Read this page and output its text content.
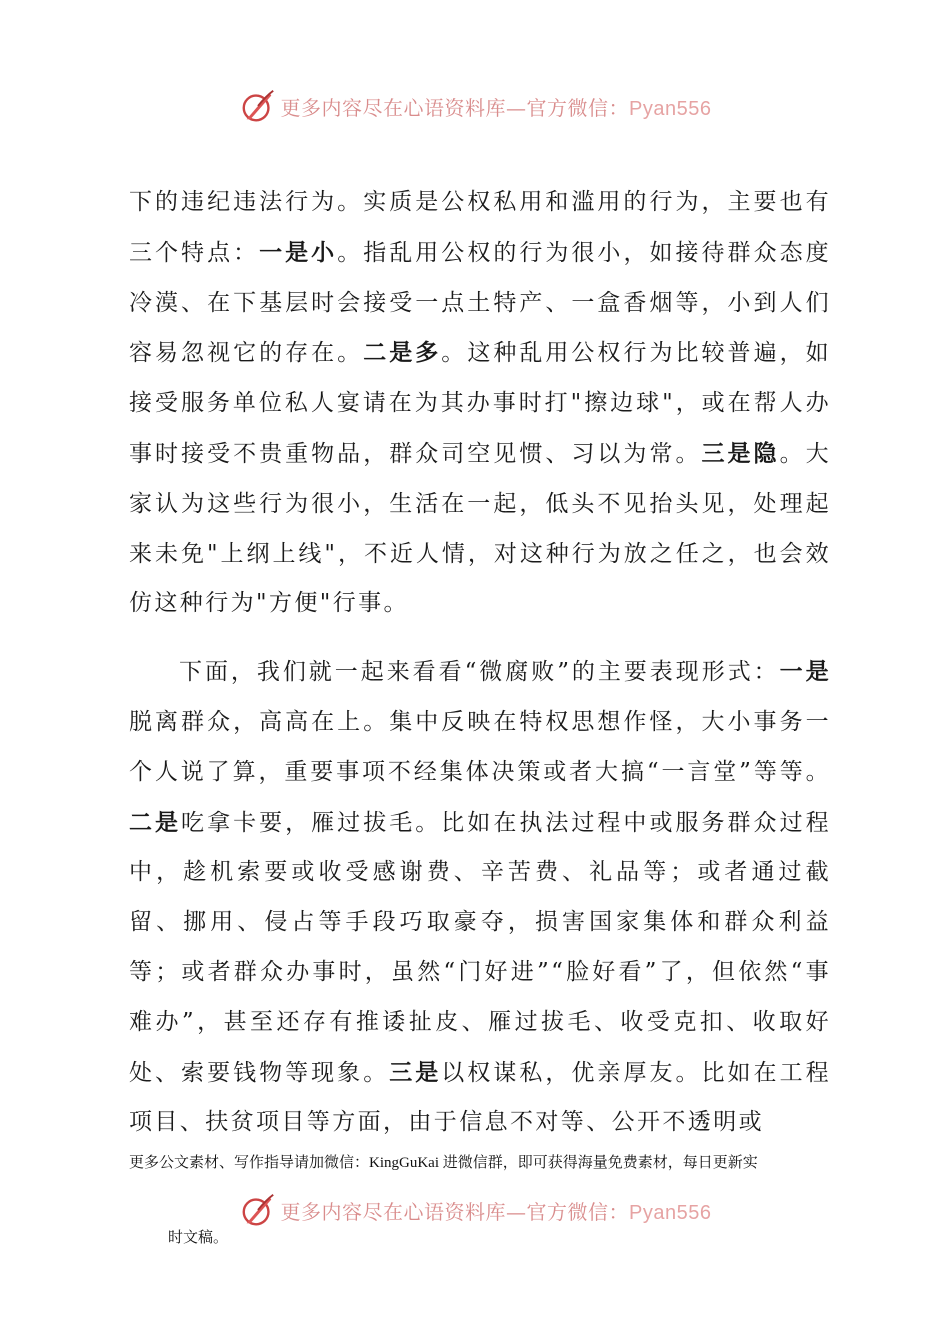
更多内容尽在心语资料库—官方微信：Pyan556

下的违纪违法行为。实质是公权私用和滥用的行为，主要也有三个特点：一是小。指乱用公权的行为很小，如接待群众态度冷漠、在下基层时会接受一点土特产、一盒香烟等，小到人们容易忽视它的存在。二是多。这种乱用公权行为比较普遍，如接受服务单位私人宴请在为其办事时打"擦边球"，或在帮人办事时接受不贵重物品，群众司空见惯、习以为常。三是隐。大家认为这些行为很小，生活在一起，低头不见抬头见，处理起来未免"上纲上线"，不近人情，对这种行为放之任之，也会效仿这种行为"方便"行事。

下面，我们就一起来看看“微腐败”的主要表现形式：一是脱离群众，高高在上。集中反映在特权思想作怪，大小事务一个人说了算，重要事项不经集体决策或者大搞“一言堂”等等。二是吃拿卡要，雁过拔毛。比如在执法过程中或服务群众过程中，趁机索要或收受感谢费、辛苦费、礼品等；或者通过截留、挪用、侵占等手段巧取豪夺，损害国家集体和群众利益等；或者群众办事时，虽然“门好进”“脸好看”了，但依然“事难办”，甚至还存有推诿扯皮、雁过拔毛、收受克扣、收取好处、索要钱物等现象。三是以权谋私，优亲厚友。比如在工程项目、扶贫项目等方面，由于信息不对等、公开不透明或

更多公文素材、写作指导请加微信：KingGuKai 进微信群，即可获得海量免费素材，每日更新实
更多内容尽在心语资料库—官方微信：Pyan556
时文稿。
